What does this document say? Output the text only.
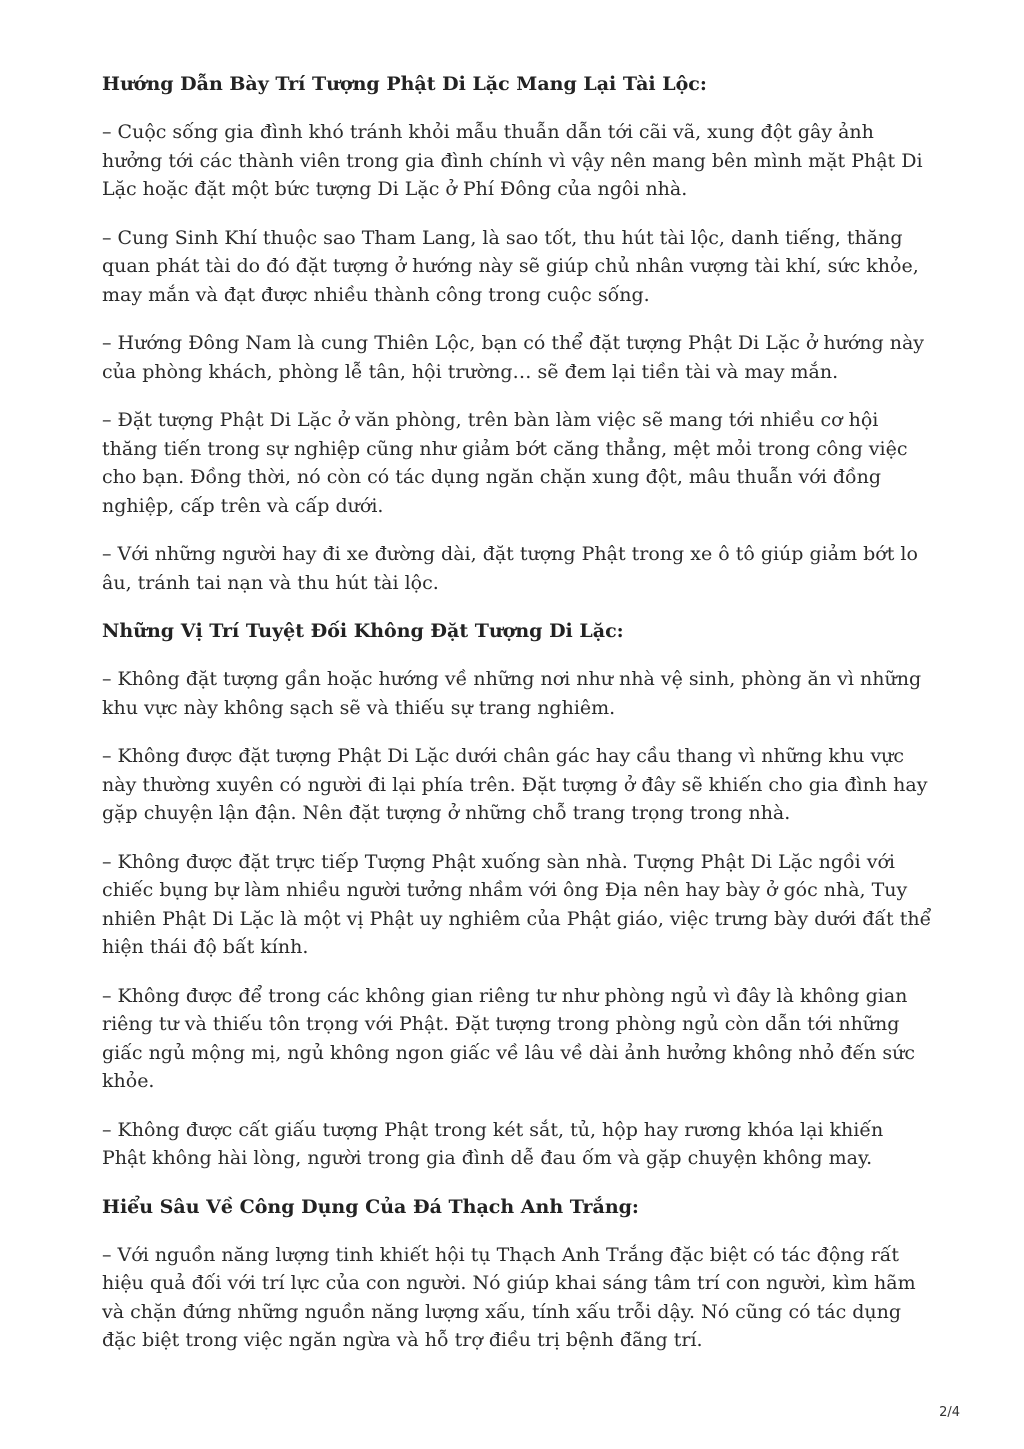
Hướng Dẫn Bày Trí Tượng Phật Di Lặc Mang Lại Tài Lộc:

– Cuộc sống gia đình khó tránh khỏi mẫu thuẫn dẫn tới cãi vã, xung đột gây ảnh hưởng tới các thành viên trong gia đình chính vì vậy nên mang bên mình mặt Phật Di Lặc hoặc đặt một bức tượng Di Lặc ở Phí Đông của ngôi nhà.

– Cung Sinh Khí thuộc sao Tham Lang, là sao tốt, thu hút tài lộc, danh tiếng, thăng quan phát tài do đó đặt tượng ở hướng này sẽ giúp chủ nhân vượng tài khí, sức khỏe, may mắn và đạt được nhiều thành công trong cuộc sống.

– Hướng Đông Nam là cung Thiên Lộc, bạn có thể đặt tượng Phật Di Lặc ở hướng này của phòng khách, phòng lễ tân, hội trường… sẽ đem lại tiền tài và may mắn.

– Đặt tượng Phật Di Lặc ở văn phòng, trên bàn làm việc sẽ mang tới nhiều cơ hội thăng tiến trong sự nghiệp cũng như giảm bớt căng thẳng, mệt mỏi trong công việc cho bạn. Đồng thời, nó còn có tác dụng ngăn chặn xung đột, mâu thuẫn với đồng nghiệp, cấp trên và cấp dưới.

– Với những người hay đi xe đường dài, đặt tượng Phật trong xe ô tô giúp giảm bớt lo âu, tránh tai nạn và thu hút tài lộc.

Những Vị Trí Tuyệt Đối Không Đặt Tượng Di Lặc:

– Không đặt tượng gần hoặc hướng về những nơi như nhà vệ sinh, phòng ăn vì những khu vực này không sạch sẽ và thiếu sự trang nghiêm.

– Không được đặt tượng Phật Di Lặc dưới chân gác hay cầu thang vì những khu vực này thường xuyên có người đi lại phía trên. Đặt tượng ở đây sẽ khiến cho gia đình hay gặp chuyện lận đận. Nên đặt tượng ở những chỗ trang trọng trong nhà.

– Không được đặt trực tiếp Tượng Phật xuống sàn nhà. Tượng Phật Di Lặc ngồi với chiếc bụng bự làm nhiều người tưởng nhầm với ông Địa nên hay bày ở góc nhà, Tuy nhiên Phật Di Lặc là một vị Phật uy nghiêm của Phật giáo, việc trưng bày dưới đất thể hiện thái độ bất kính.

– Không được để trong các không gian riêng tư như phòng ngủ vì đây là không gian riêng tư và thiếu tôn trọng với Phật. Đặt tượng trong phòng ngủ còn dẫn tới những giấc ngủ mộng mị, ngủ không ngon giấc về lâu về dài ảnh hưởng không nhỏ đến sức khỏe.

– Không được cất giấu tượng Phật trong két sắt, tủ, hộp hay rương khóa lại khiến Phật không hài lòng, người trong gia đình dễ đau ốm và gặp chuyện không may.

Hiểu Sâu Về Công Dụng Của Đá Thạch Anh Trắng:

– Với nguồn năng lượng tinh khiết hội tụ Thạch Anh Trắng đặc biệt có tác động rất hiệu quả đối với trí lực của con người. Nó giúp khai sáng tâm trí con người, kìm hãm và chặn đứng những nguồn năng lượng xấu, tính xấu trỗi dậy. Nó cũng có tác dụng đặc biệt trong việc ngăn ngừa và hỗ trợ điều trị bệnh đãng trí.

2/4
